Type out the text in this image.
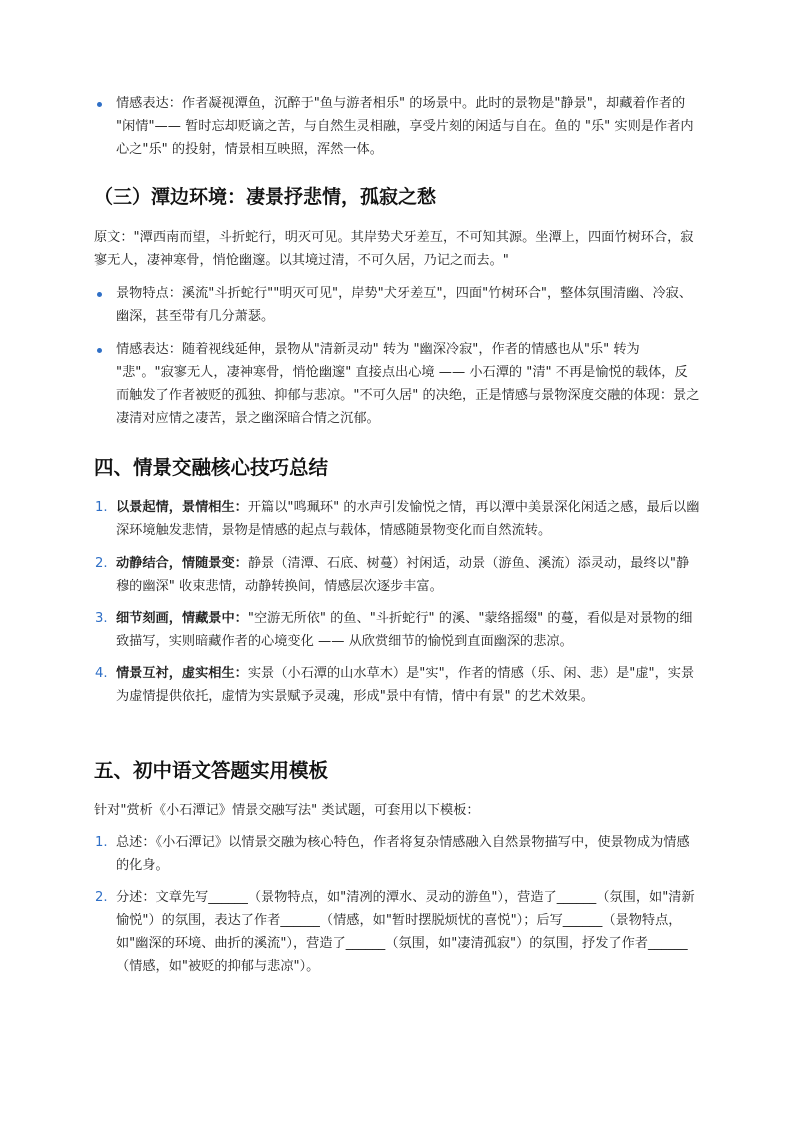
情感表达：作者凝视潭鱼，沉醉于"鱼与游者相乐" 的场景中。此时的景物是"静景"，却藏着作者的 "闲情"—— 暂时忘却贬谪之苦，与自然生灵相融，享受片刻的闲适与自在。鱼的 "乐" 实则是作者内心之"乐" 的投射，情景相互映照，浑然一体。
（三）潭边环境：凄景抒悲情，孤寂之愁

原文："潭西南而望，斗折蛇行，明灭可见。其岸势犬牙差互，不可知其源。坐潭上，四面竹树环合，寂寥无人，凄神寒骨，悄怆幽邃。以其境过清，不可久居，乃记之而去。"

景物特点：溪流"斗折蛇行""明灭可见"，岸势"犬牙差互"，四面"竹树环合"，整体氛围清幽、冷寂、幽深，甚至带有几分萧瑟。
情感表达：随着视线延伸，景物从"清新灵动" 转为 "幽深冷寂"，作者的情感也从"乐" 转为 "悲"。"寂寥无人，凄神寒骨，悄怆幽邃" 直接点出心境 —— 小石潭的 "清" 不再是愉悦的载体，反而触发了作者被贬的孤独、抑郁与悲凉。"不可久居" 的决绝，正是情感与景物深度交融的体现：景之凄清对应情之凄苦，景之幽深暗合情之沉郁。
四、情景交融核心技巧总结
1. 以景起情，景情相生：开篇以"鸣珮环" 的水声引发愉悦之情，再以潭中美景深化闲适之感，最后以幽深环境触发悲情，景物是情感的起点与载体，情感随景物变化而自然流转。
2. 动静结合，情随景变：静景（清潭、石底、树蔓）衬闲适，动景（游鱼、溪流）添灵动，最终以"静穆的幽深" 收束悲情，动静转换间，情感层次逐步丰富。
3. 细节刻画，情藏景中："空游无所依" 的鱼、"斗折蛇行" 的溪、"蒙络摇缀" 的蔓，看似是对景物的细致描写，实则暗藏作者的心境变化 —— 从欣赏细节的愉悦到直面幽深的悲凉。
4. 情景互衬，虚实相生：实景（小石潭的山水草木）是"实"，作者的情感（乐、闲、悲）是"虚"，实景为虚情提供依托，虚情为实景赋予灵魂，形成"景中有情，情中有景" 的艺术效果。
五、初中语文答题实用模板

针对"赏析《小石潭记》情景交融写法" 类试题，可套用以下模板：

1. 总述：《小石潭记》以情景交融为核心特色，作者将复杂情感融入自然景物描写中，使景物成为情感的化身。
2. 分述：文章先写______（景物特点，如"清冽的潭水、灵动的游鱼"），营造了______（氛围，如"清新愉悦"）的氛围，表达了作者______（情感，如"暂时摆脱烦忧的喜悦"）；后写______（景物特点，如"幽深的环境、曲折的溪流"），营造了______（氛围，如"凄清孤寂"）的氛围，抒发了作者______（情感，如"被贬的抑郁与悲凉"）。
